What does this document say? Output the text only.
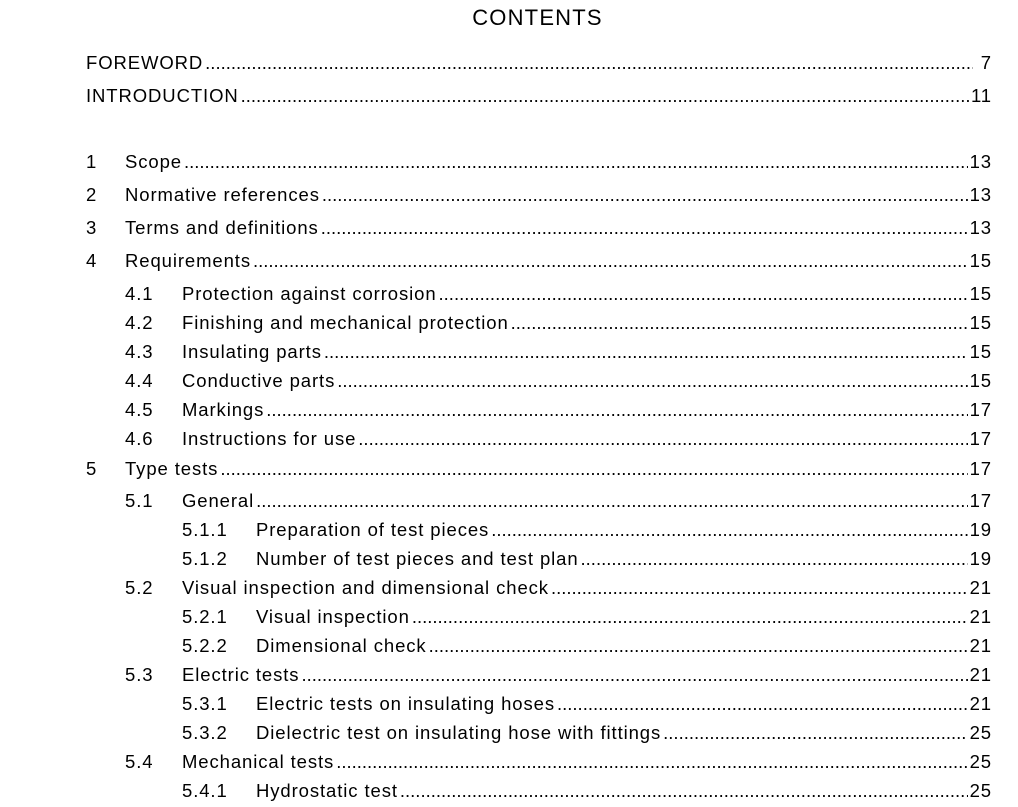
CONTENTS
FOREWORD .....	7
INTRODUCTION .....	11
1	Scope .....	13
2	Normative references .....	13
3	Terms and definitions .....	13
4	Requirements .....	15
4.1	Protection against corrosion .....	15
4.2	Finishing and mechanical protection .....	15
4.3	Insulating parts .....	15
4.4	Conductive parts .....	15
4.5	Markings .....	17
4.6	Instructions for use .....	17
5	Type tests .....	17
5.1	General .....	17
5.1.1	Preparation of test pieces .....	19
5.1.2	Number of test pieces and test plan .....	19
5.2	Visual inspection and dimensional check .....	21
5.2.1	Visual inspection .....	21
5.2.2	Dimensional check .....	21
5.3	Electric tests .....	21
5.3.1	Electric tests on insulating hoses .....	21
5.3.2	Dielectric test on insulating hose with fittings .....	25
5.4	Mechanical tests .....	25
5.4.1	Hydrostatic test .....	25
